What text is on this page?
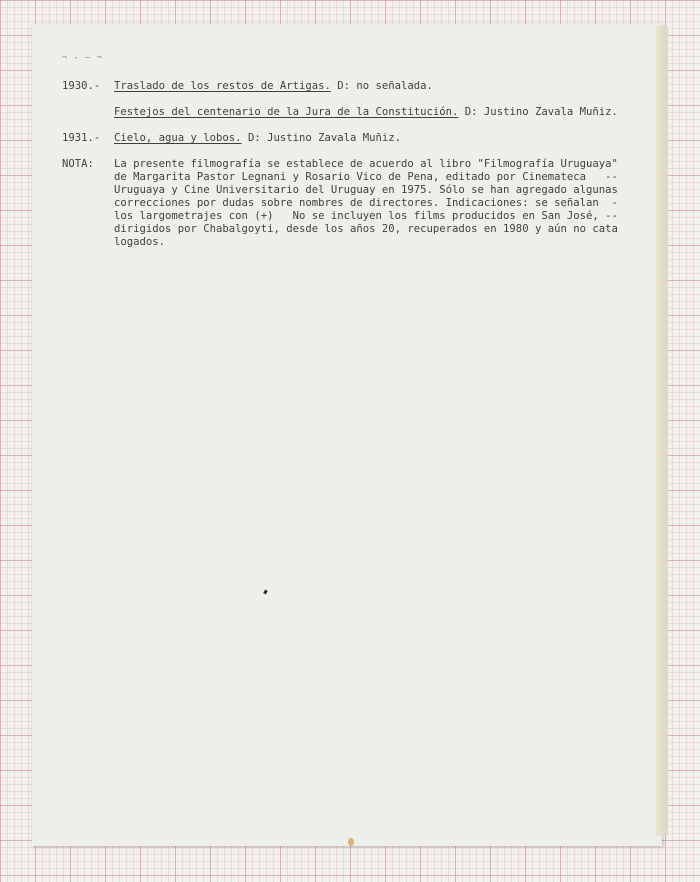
¬ - ~ ¬
1930.- Traslado de los restos de Artigas. D: no señalada.
Festejos del centenario de la Jura de la Constitución. D: Justino Zavala Muñiz.
1931.- Cielo, agua y lobos. D: Justino Zavala Muñiz.
NOTA: La presente filmografía se establece de acuerdo al libro "Filmografía Uruguaya"
de Margarita Pastor Legnani y Rosario Vico de Pena, editado por Cinemateca   --
Uruguaya y Cine Universitario del Uruguay en 1975. Sólo se han agregado algunas
correcciones por dudas sobre nombres de directores. Indicaciones: se señalan  -
los largometrajes con (+)   No se incluyen los films producidos en San José, --
dirigidos por Chabalgoyti, desde los años 20, recuperados en 1980 y aún no cata
logados.
